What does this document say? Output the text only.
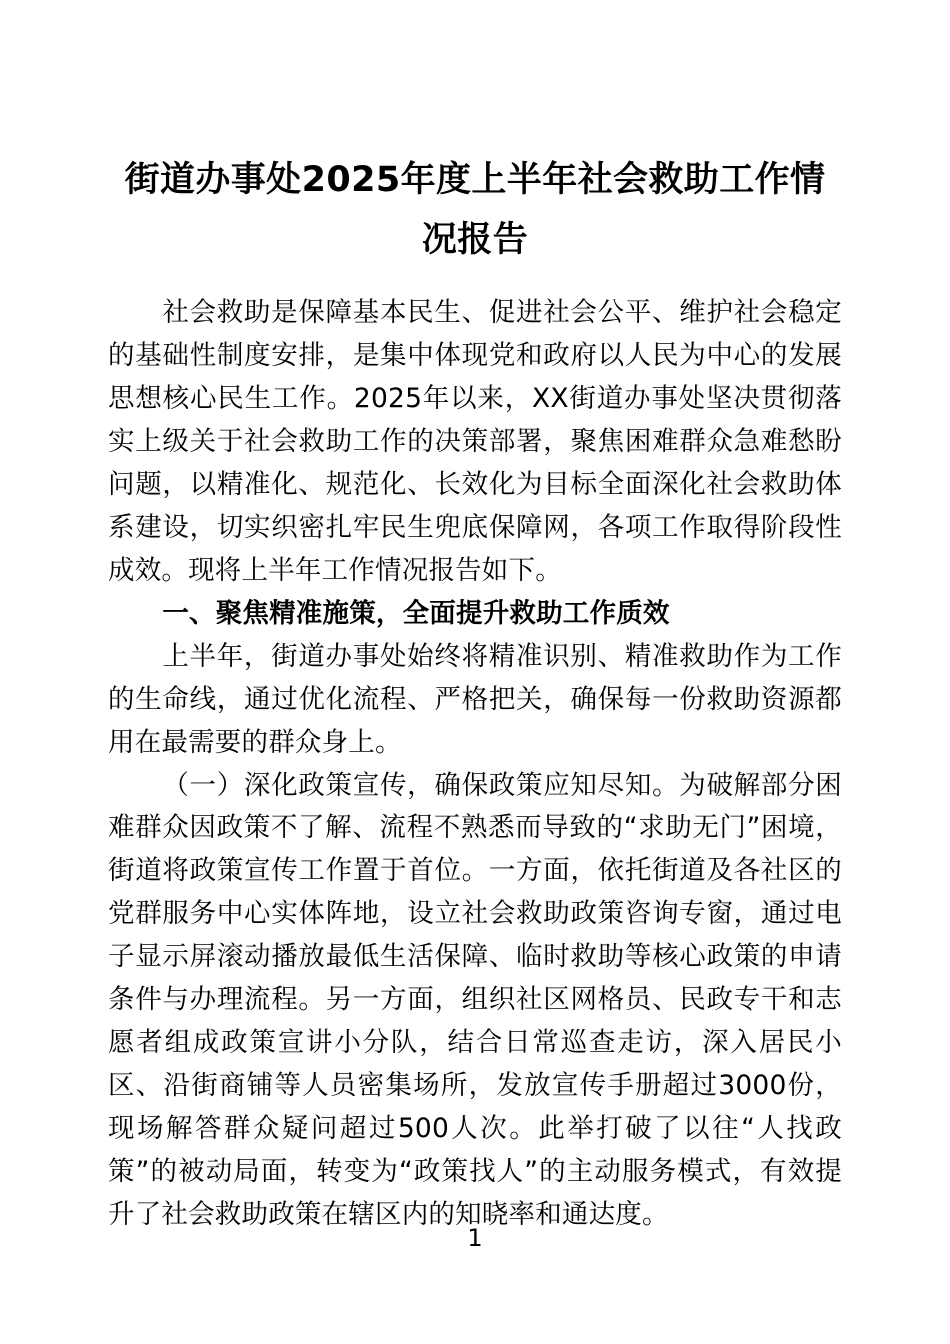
街道办事处2025年度上半年社会救助工作情况报告

社会救助是保障基本民生、促进社会公平、维护社会稳定的基础性制度安排，是集中体现党和政府以人民为中心的发展思想核心民生工作。2025年以来，XX街道办事处坚决贯彻落实上级关于社会救助工作的决策部署，聚焦困难群众急难愁盼问题，以精准化、规范化、长效化为目标全面深化社会救助体系建设，切实织密扎牢民生兜底保障网，各项工作取得阶段性成效。现将上半年工作情况报告如下。

一、聚焦精准施策，全面提升救助工作质效

上半年，街道办事处始终将精准识别、精准救助作为工作的生命线，通过优化流程、严格把关，确保每一份救助资源都用在最需要的群众身上。

（一）深化政策宣传，确保政策应知尽知。为破解部分困难群众因政策不了解、流程不熟悉而导致的“求助无门”困境，街道将政策宣传工作置于首位。一方面，依托街道及各社区的党群服务中心实体阵地，设立社会救助政策咨询专窗，通过电子显示屏滚动播放最低生活保障、临时救助等核心政策的申请条件与办理流程。另一方面，组织社区网格员、民政专干和志愿者组成政策宣讲小分队，结合日常巡查走访，深入居民小区、沿街商铺等人员密集场所，发放宣传手册超过3000份，现场解答群众疑问超过500人次。此举打破了以往“人找政策”的被动局面，转变为“政策找人”的主动服务模式，有效提升了社会救助政策在辖区内的知晓率和通达度。

1
